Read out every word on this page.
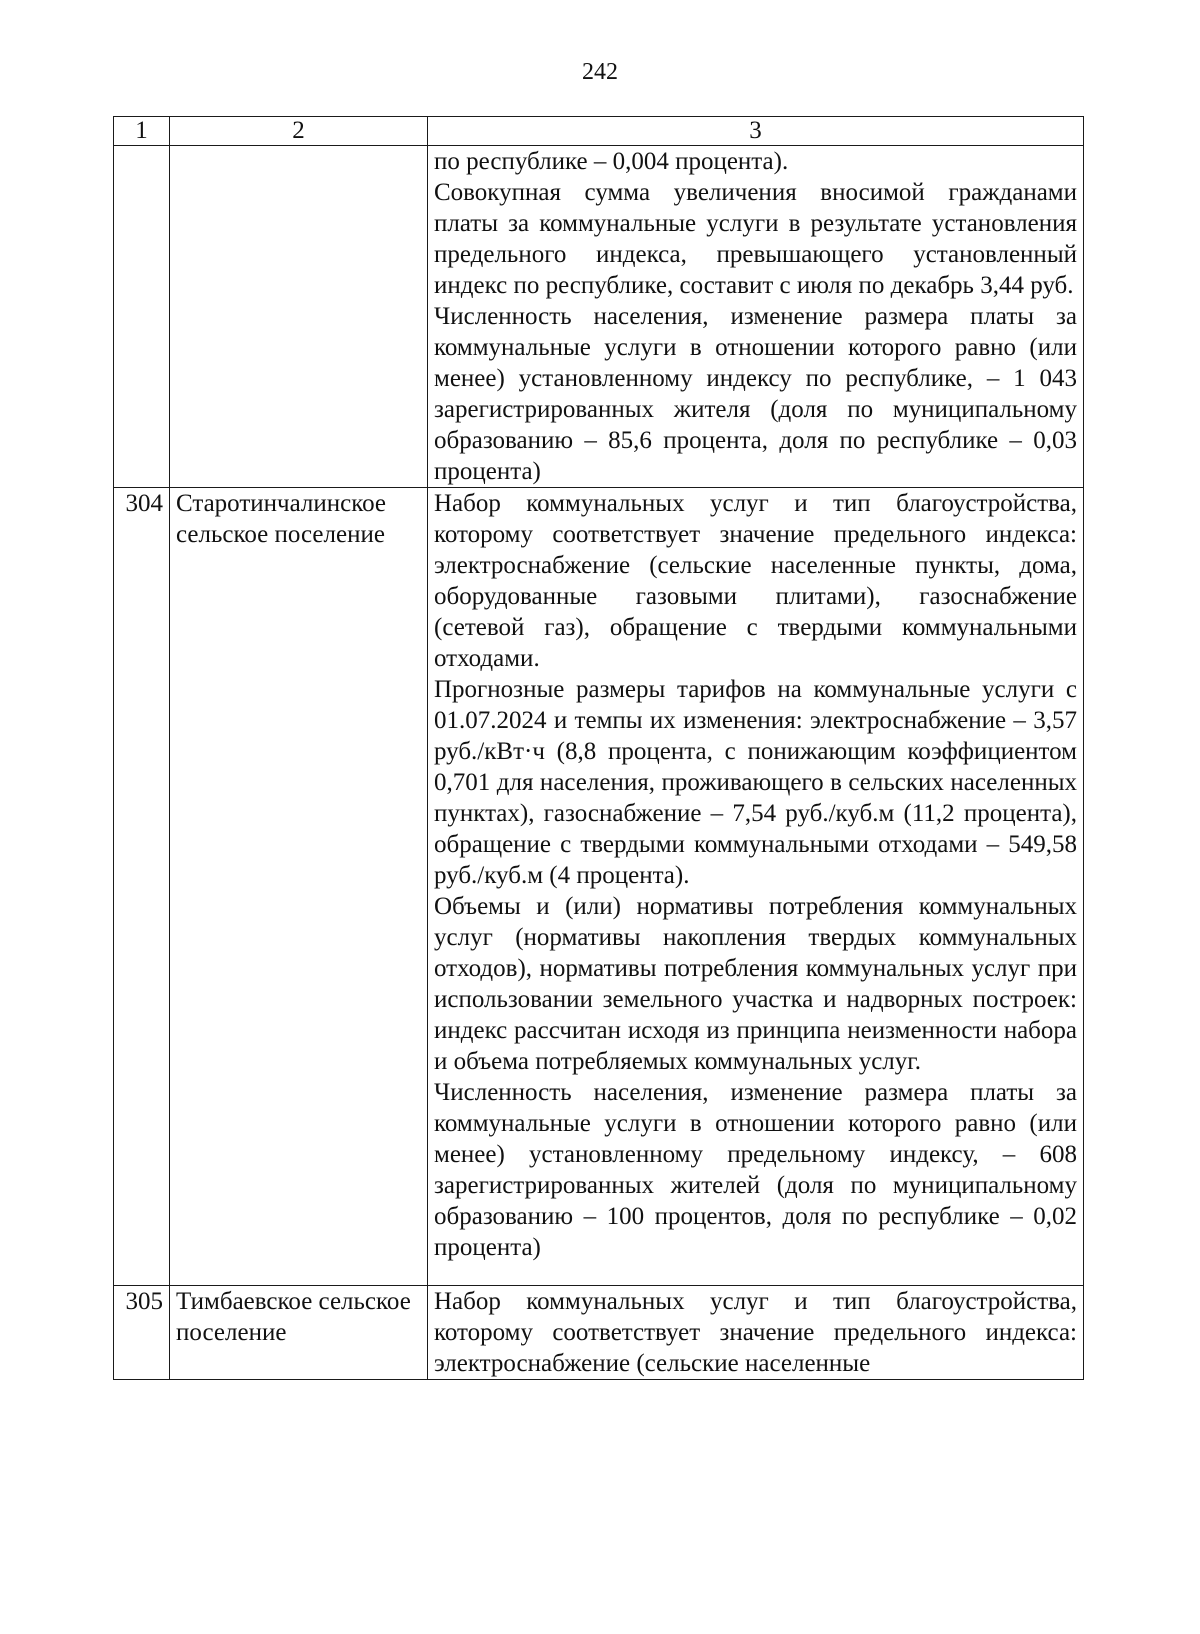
242
1	2	3

		по республике – 0,004 процента).
Совокупная сумма увеличения вносимой гражданами платы за коммунальные услуги в результате установления предельного индекса, превышающего установленный индекс по республике, составит с июля по декабрь 3,44 руб.
Численность населения, изменение размера платы за коммунальные услуги в отношении которого равно (или менее) установленному индексу по республике, – 1 043 зарегистрированных жителя (доля по муниципальному образованию – 85,6 процента, доля по республике – 0,03 процента)

304	Старотинчалинское сельское поселение	Набор коммунальных услуг и тип благоустройства, которому соответствует значение предельного индекса: электроснабжение (сельские населенные пункты, дома, оборудованные газовыми плитами), газоснабжение (сетевой газ), обращение с твердыми коммунальными отходами.
Прогнозные размеры тарифов на коммунальные услуги с 01.07.2024 и темпы их изменения: электроснабжение – 3,57 руб./кВт·ч (8,8 процента, с понижающим коэффициентом 0,701 для населения, проживающего в сельских населенных пунктах), газоснабжение – 7,54 руб./куб.м (11,2 процента), обращение с твердыми коммунальными отходами – 549,58 руб./куб.м (4 процента).
Объемы и (или) нормативы потребления коммунальных услуг (нормативы накопления твердых коммунальных отходов), нормативы потребления коммунальных услуг при использовании земельного участка и надворных построек: индекс рассчитан исходя из принципа неизменности набора и объема потребляемых коммунальных услуг.
Численность населения, изменение размера платы за коммунальные услуги в отношении которого равно (или менее) установленному предельному индексу, – 608 зарегистрированных жителей (доля по муниципальному образованию – 100 процентов, доля по республике – 0,02 процента)

305	Тимбаевское сельское поселение	Набор коммунальных услуг и тип благоустройства, которому соответствует значение предельного индекса: электроснабжение (сельские населенные
